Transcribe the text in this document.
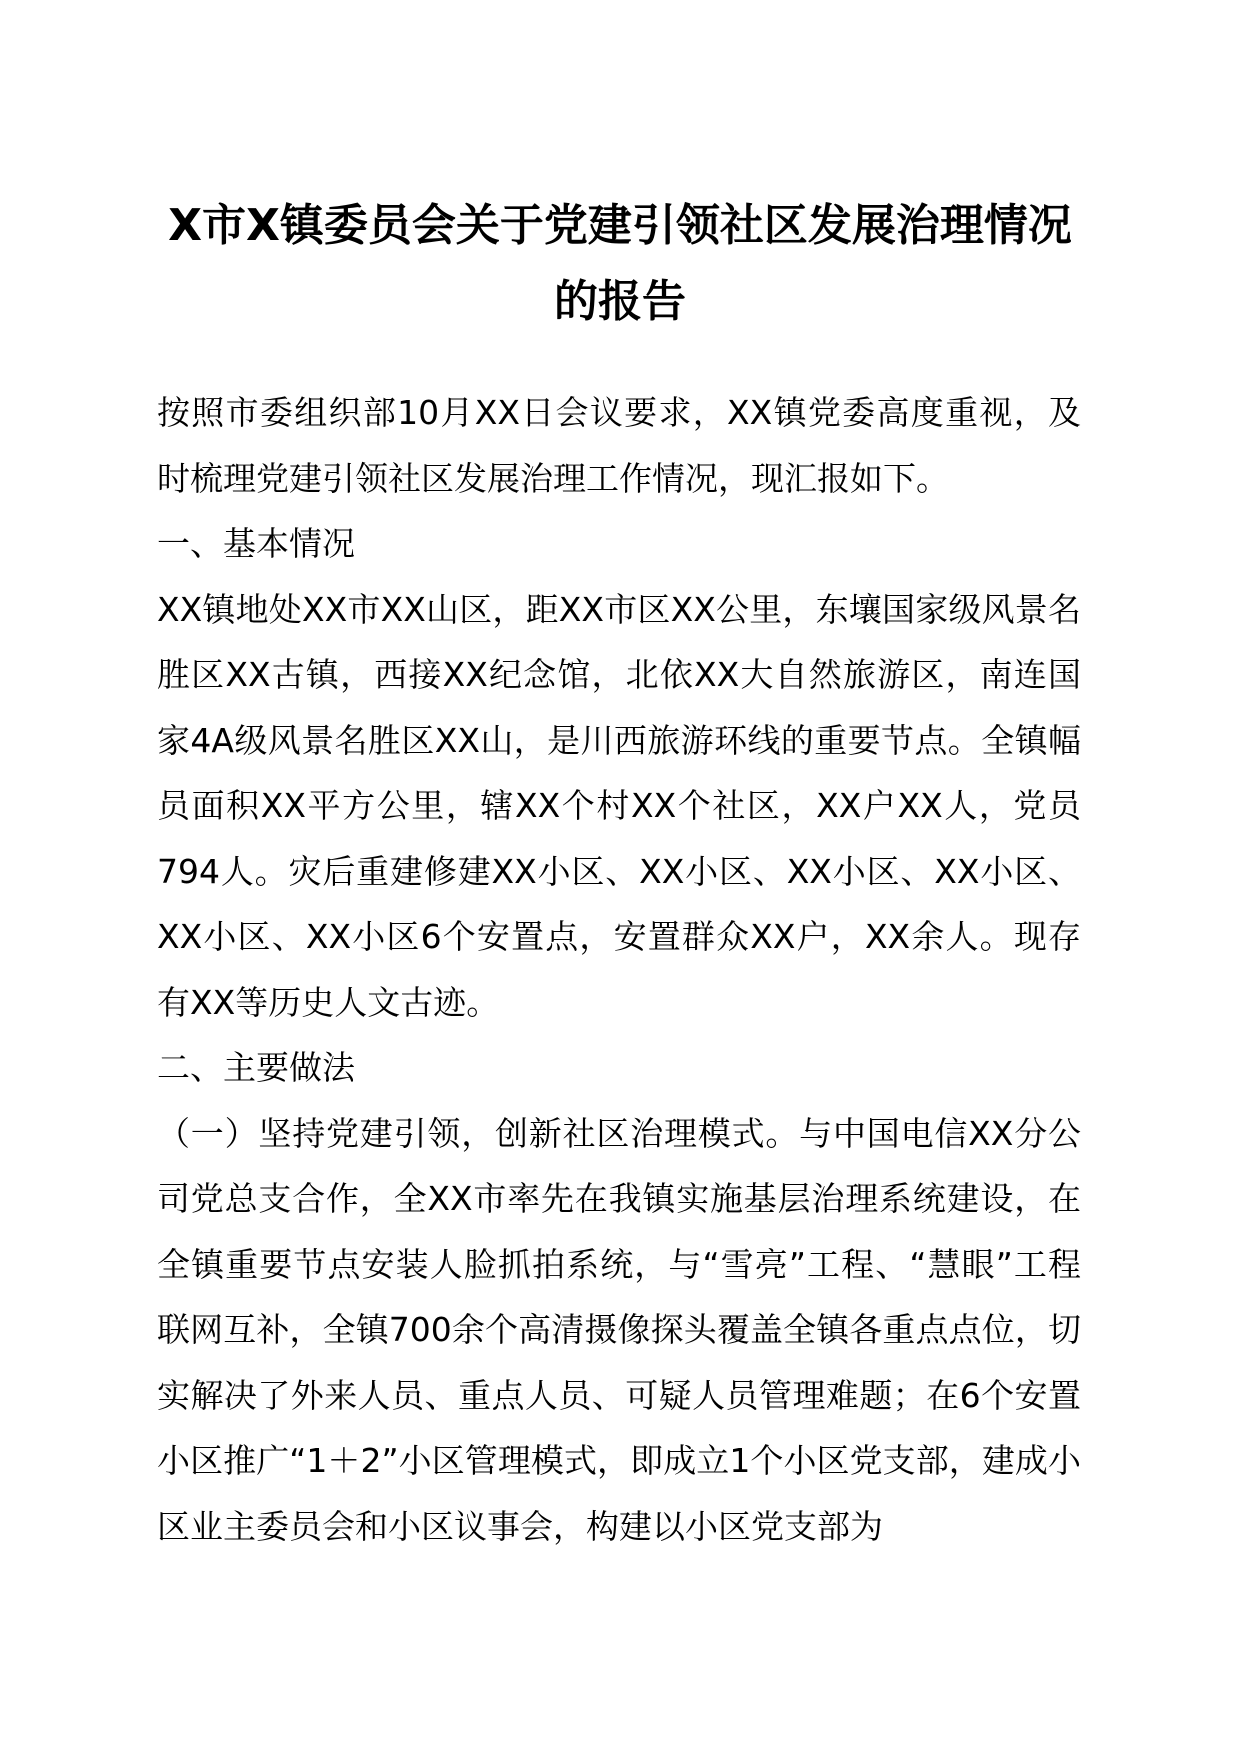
X市X镇委员会关于党建引领社区发展治理情况的报告

按照市委组织部10月XX日会议要求，XX镇党委高度重视，及时梳理党建引领社区发展治理工作情况，现汇报如下。

一、基本情况

XX镇地处XX市XX山区，距XX市区XX公里，东壤国家级风景名胜区XX古镇，西接XX纪念馆，北依XX大自然旅游区，南连国家4A级风景名胜区XX山，是川西旅游环线的重要节点。全镇幅员面积XX平方公里，辖XX个村XX个社区，XX户XX人，党员794人。灾后重建修建XX小区、XX小区、XX小区、XX小区、XX小区、XX小区6个安置点，安置群众XX户，XX余人。现存有XX等历史人文古迹。

二、主要做法

（一）坚持党建引领，创新社区治理模式。与中国电信XX分公司党总支合作，全XX市率先在我镇实施基层治理系统建设，在全镇重要节点安装人脸抓拍系统，与“雪亮”工程、“慧眼”工程联网互补，全镇700余个高清摄像探头覆盖全镇各重点点位，切实解决了外来人员、重点人员、可疑人员管理难题；在6个安置小区推广“1＋2”小区管理模式，即成立1个小区党支部，建成小区业主委员会和小区议事会，构建以小区党支部为
